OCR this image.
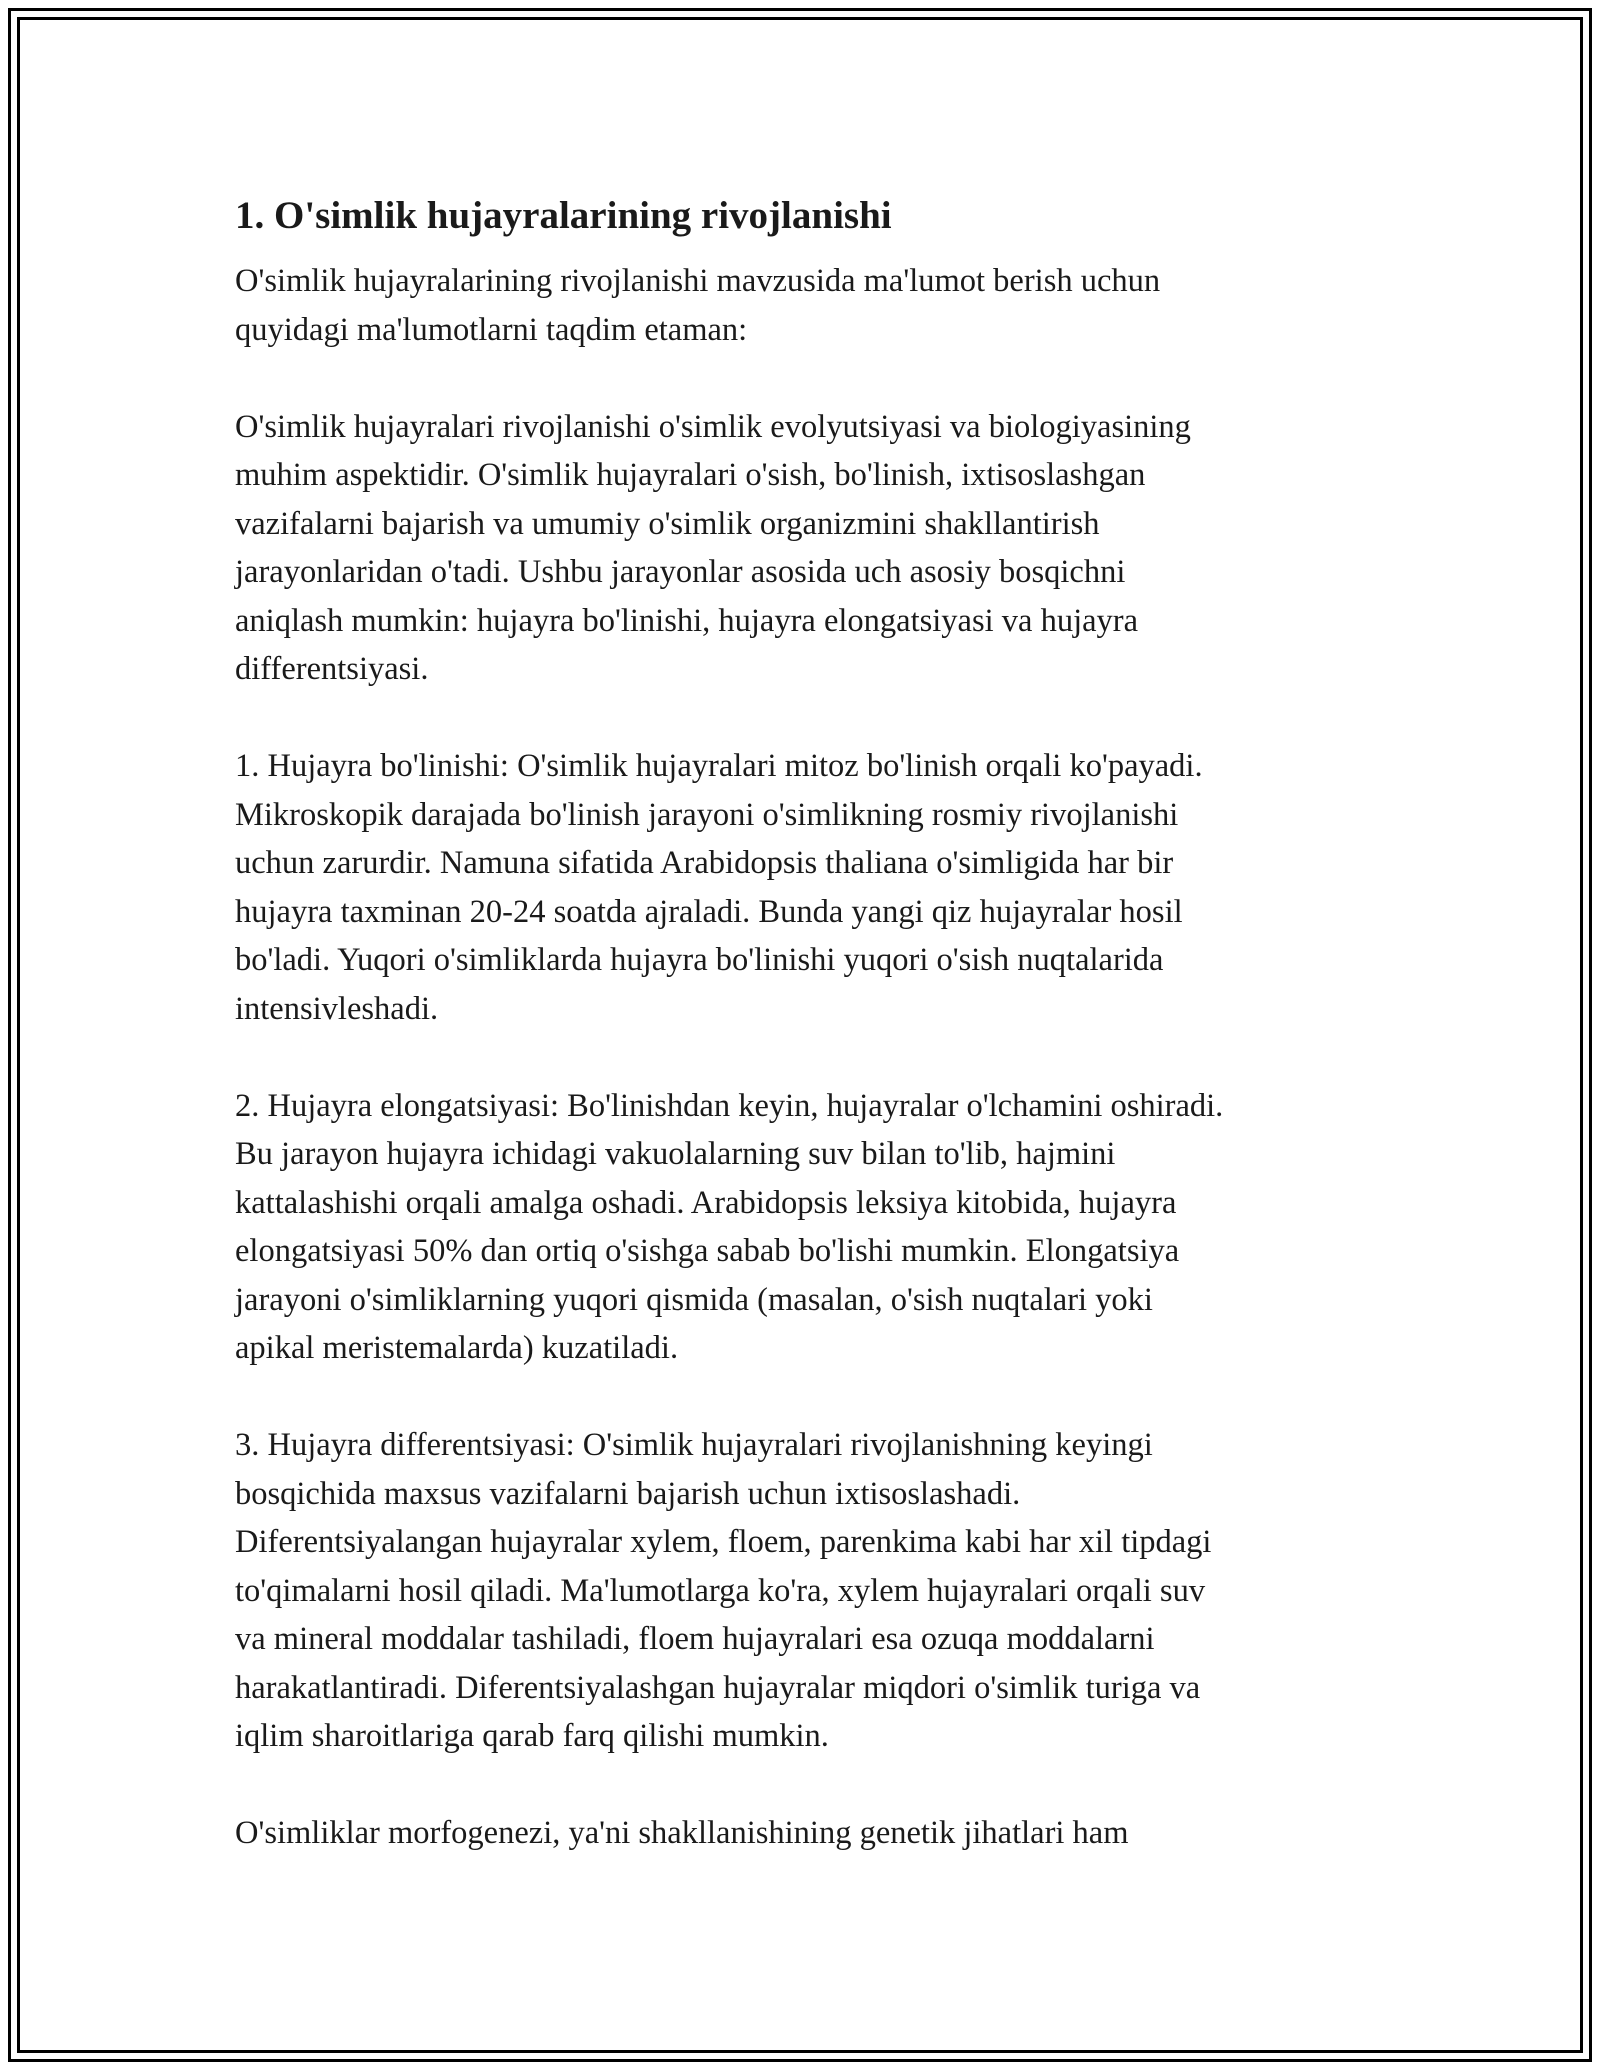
1. O'simlik hujayralarining rivojlanishi

O'simlik hujayralarining rivojlanishi mavzusida ma'lumot berish uchun
quyidagi ma'lumotlarni taqdim etaman:

O'simlik hujayralari rivojlanishi o'simlik evolyutsiyasi va biologiyasining
muhim aspektidir. O'simlik hujayralari o'sish, bo'linish, ixtisoslashgan
vazifalarni bajarish va umumiy o'simlik organizmini shakllantirish
jarayonlaridan o'tadi. Ushbu jarayonlar asosida uch asosiy bosqichni
aniqlash mumkin: hujayra bo'linishi, hujayra elongatsiyasi va hujayra
differentsiyasi.

1. Hujayra bo'linishi: O'simlik hujayralari mitoz bo'linish orqali ko'payadi.
Mikroskopik darajada bo'linish jarayoni o'simlikning rosmiy rivojlanishi
uchun zarurdir. Namuna sifatida Arabidopsis thaliana o'simligida har bir
hujayra taxminan 20-24 soatda ajraladi. Bunda yangi qiz hujayralar hosil
bo'ladi. Yuqori o'simliklarda hujayra bo'linishi yuqori o'sish nuqtalarida
intensivleshadi.

2. Hujayra elongatsiyasi: Bo'linishdan keyin, hujayralar o'lchamini oshiradi.
Bu jarayon hujayra ichidagi vakuolalarning suv bilan to'lib, hajmini
kattalashishi orqali amalga oshadi. Arabidopsis leksiya kitobida, hujayra
elongatsiyasi 50% dan ortiq o'sishga sabab bo'lishi mumkin. Elongatsiya
jarayoni o'simliklarning yuqori qismida (masalan, o'sish nuqtalari yoki
apikal meristemalarda) kuzatiladi.

3. Hujayra differentsiyasi: O'simlik hujayralari rivojlanishning keyingi
bosqichida maxsus vazifalarni bajarish uchun ixtisoslashadi.
Diferentsiyalangan hujayralar xylem, floem, parenkima kabi har xil tipdagi
to'qimalarni hosil qiladi. Ma'lumotlarga ko'ra, xylem hujayralari orqali suv
va mineral moddalar tashiladi, floem hujayralari esa ozuqa moddalarni
harakatlantiradi. Diferentsiyalashgan hujayralar miqdori o'simlik turiga va
iqlim sharoitlariga qarab farq qilishi mumkin.

O'simliklar morfogenezi, ya'ni shakllanishining genetik jihatlari ham
